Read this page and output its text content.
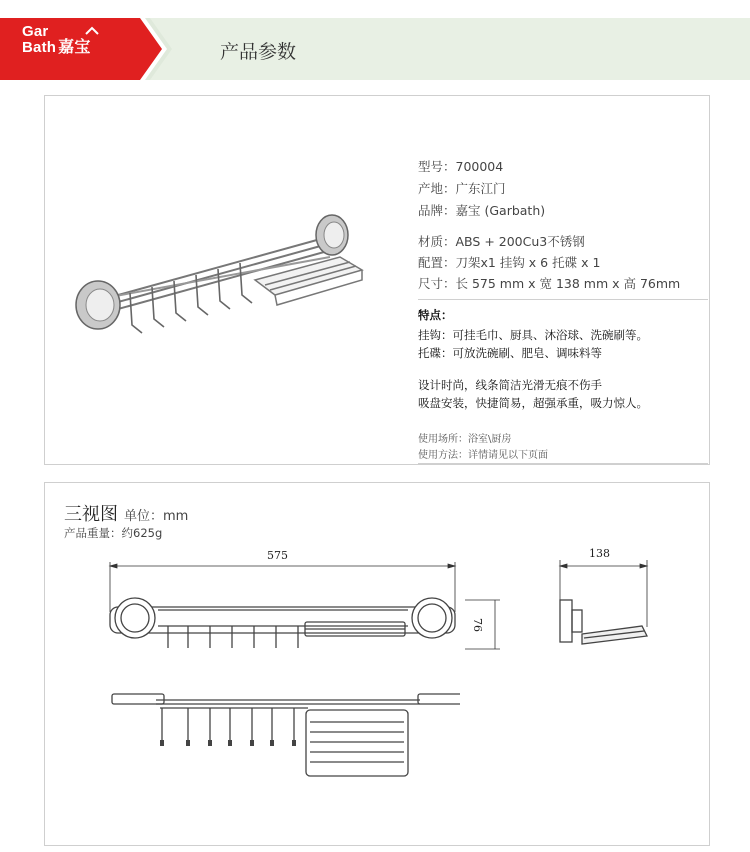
Gar
Bath 嘉宝	产品参数
型号：700004
产地：广东江门
品牌：嘉宝 (Garbath)
材质：ABS + 200Cu3不锈钢
配置：刀架x1 挂钩 x 6 托碟 x 1
尺寸：长 575 mm x 宽 138 mm x 高 76mm
特点：
挂钩：可挂毛巾、厨具、沐浴球、洗碗刷等。
托碟：可放洗碗刷、肥皂、调味料等
设计时尚，线条简洁光滑无痕不伤手
吸盘安装，快捷简易，超强承重，吸力惊人。
使用场所：浴室\厨房
使用方法：详情请见以下页面
三视图 单位：mm
产品重量：约625g
575
76
138
